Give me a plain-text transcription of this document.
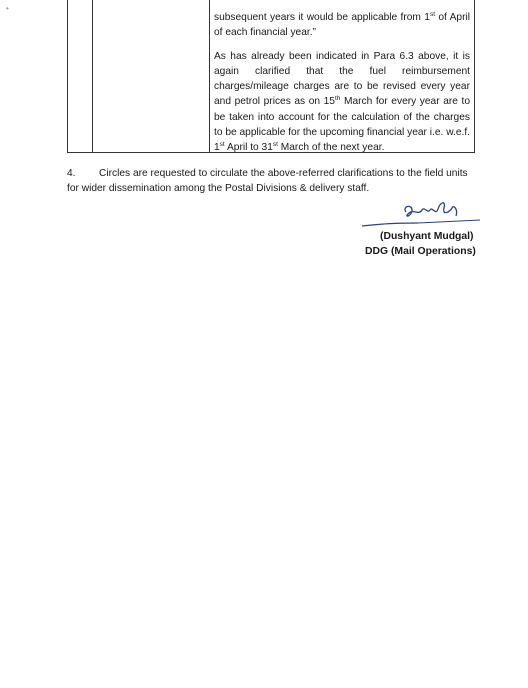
•

subsequent years it would be applicable from 1st of April of each financial year.”

As has already been indicated in Para 6.3 above, it is again clarified that the fuel reimbursement charges/mileage charges are to be revised every year and petrol prices as on 15th March for every year are to be taken into account for the calculation of the charges to be applicable for the upcoming financial year i.e. w.e.f. 1st April to 31st March of the next year.

4. Circles are requested to circulate the above-referred clarifications to the field units for wider dissemination among the Postal Divisions & delivery staff.
(Dushyant Mudgal)
DDG (Mail Operations)
